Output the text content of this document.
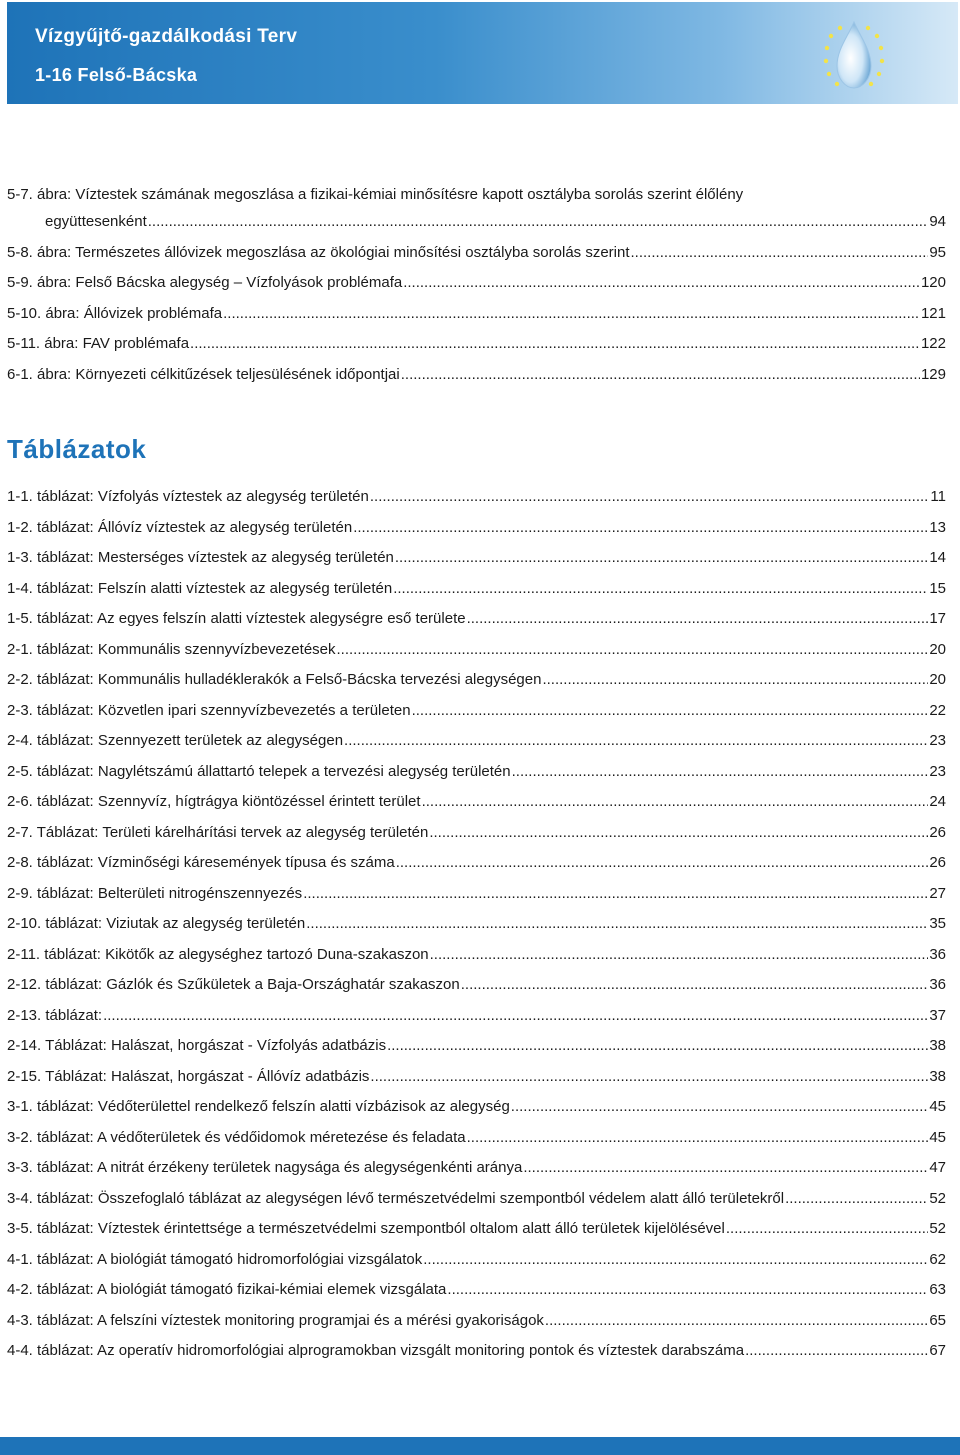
Vízgyűjtő-gazdálkodási Terv
1-16 Felső-Bácska
5-7. ábra: Víztestek számának megoszlása a fizikai-kémiai minősítésre kapott osztályba sorolás szerint élőlény
együttesenként .....	94
5-8. ábra: Természetes állóvizek megoszlása az ökológiai minősítési osztályba sorolás szerint .....	95
5-9. ábra: Felső Bácska alegység – Vízfolyások problémafa .....	120
5-10. ábra: Állóvizek problémafa .....	121
5-11. ábra: FAV problémafa .....	122
6-1. ábra: Környezeti célkitűzések teljesülésének időpontjai .....	129
Táblázatok
1-1. táblázat: Vízfolyás víztestek az alegység területén .....	11
1-2. táblázat: Állóvíz víztestek az alegység területén .....	13
1-3. táblázat: Mesterséges víztestek az alegység területén .....	14
1-4. táblázat: Felszín alatti víztestek az alegység területén .....	15
1-5. táblázat: Az egyes felszín alatti víztestek alegységre eső területe .....	17
2-1. táblázat: Kommunális szennyvízbevezetések .....	20
2-2. táblázat: Kommunális hulladéklerakók a Felső-Bácska tervezési alegységen .....	20
2-3. táblázat: Közvetlen ipari szennyvízbevezetés a területen .....	22
2-4. táblázat: Szennyezett területek az alegységen .....	23
2-5. táblázat: Nagylétszámú állattartó telepek a tervezési alegység területén .....	23
2-6. táblázat: Szennyvíz, hígtrágya kiöntözéssel érintett terület .....	24
2-7. Táblázat: Területi kárelhárítási tervek az alegység területén .....	26
2-8. táblázat: Vízminőségi káresemények típusa és száma .....	26
2-9. táblázat: Belterületi nitrogénszennyezés .....	27
2-10. táblázat: Viziutak az alegység területén .....	35
2-11. táblázat: Kikötők az alegységhez tartozó Duna-szakaszon .....	36
2-12. táblázat: Gázlók és Szűkületek a Baja-Országhatár szakaszon .....	36
2-13. táblázat: .....	37
2-14. Táblázat: Halászat, horgászat - Vízfolyás adatbázis .....	38
2-15. Táblázat: Halászat, horgászat - Állóvíz adatbázis .....	38
3-1. táblázat: Védőterülettel rendelkező felszín alatti vízbázisok az alegység .....	45
3-2. táblázat: A védőterületek és védőidomok méretezése és feladata .....	45
3-3. táblázat: A nitrát érzékeny területek nagysága és alegységenkénti aránya .....	47
3-4. táblázat: Összefoglaló táblázat az alegységen lévő természetvédelmi szempontból védelem alatt álló területekről .....	52
3-5. táblázat: Víztestek érintettsége a természetvédelmi szempontból oltalom alatt álló területek kijelölésével .....	52
4-1. táblázat: A biológiát támogató hidromorfológiai vizsgálatok .....	62
4-2. táblázat: A biológiát támogató fizikai-kémiai elemek vizsgálata .....	63
4-3. táblázat: A felszíni víztestek monitoring programjai és a mérési gyakoriságok .....	65
4-4. táblázat: Az operatív hidromorfológiai alprogramokban vizsgált monitoring pontok és víztestek darabszáma .....	67
